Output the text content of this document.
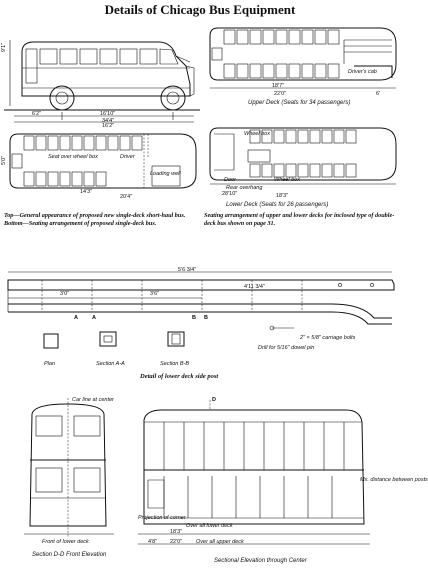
Details of Chicago Bus Equipment
9'1"
16'10"
6'2"
34'4"
Driver's cab
18'7"
22'0"	6'
Upper Deck (Seats for 34 passengers)
Seat over wheel box	Driver
Loading well
16'2"
20'4"
14'3"
5'0"
Wheel box
Door	Wheel box
Rear overhang
28'10"	18'3"
Lower Deck (Seats for 26 passengers)
Top—General appearance of proposed new single-deck short-haul bus. Bottom—Seating arrangement of proposed single-deck bus.
Seating arrangement of upper and lower decks for inclosed type of double-deck bus shown on page 31.
5'6 3/4"
4'11 3/4"
3'0"	3'6"
A	A	B B
Plan	Section A-A	Section B-B
Drill for 5/16" dowel pin
2" × 5/8" carriage bolts
Detail of lower deck side post
Car line at center
Front of lower deck
Section D-D Front Elevation
D
Projection of corner
Over all lower deck
Over all upper deck
Mx. distance between posts
22'0"
18'3"
4'8"
Sectional Elevation through Center
